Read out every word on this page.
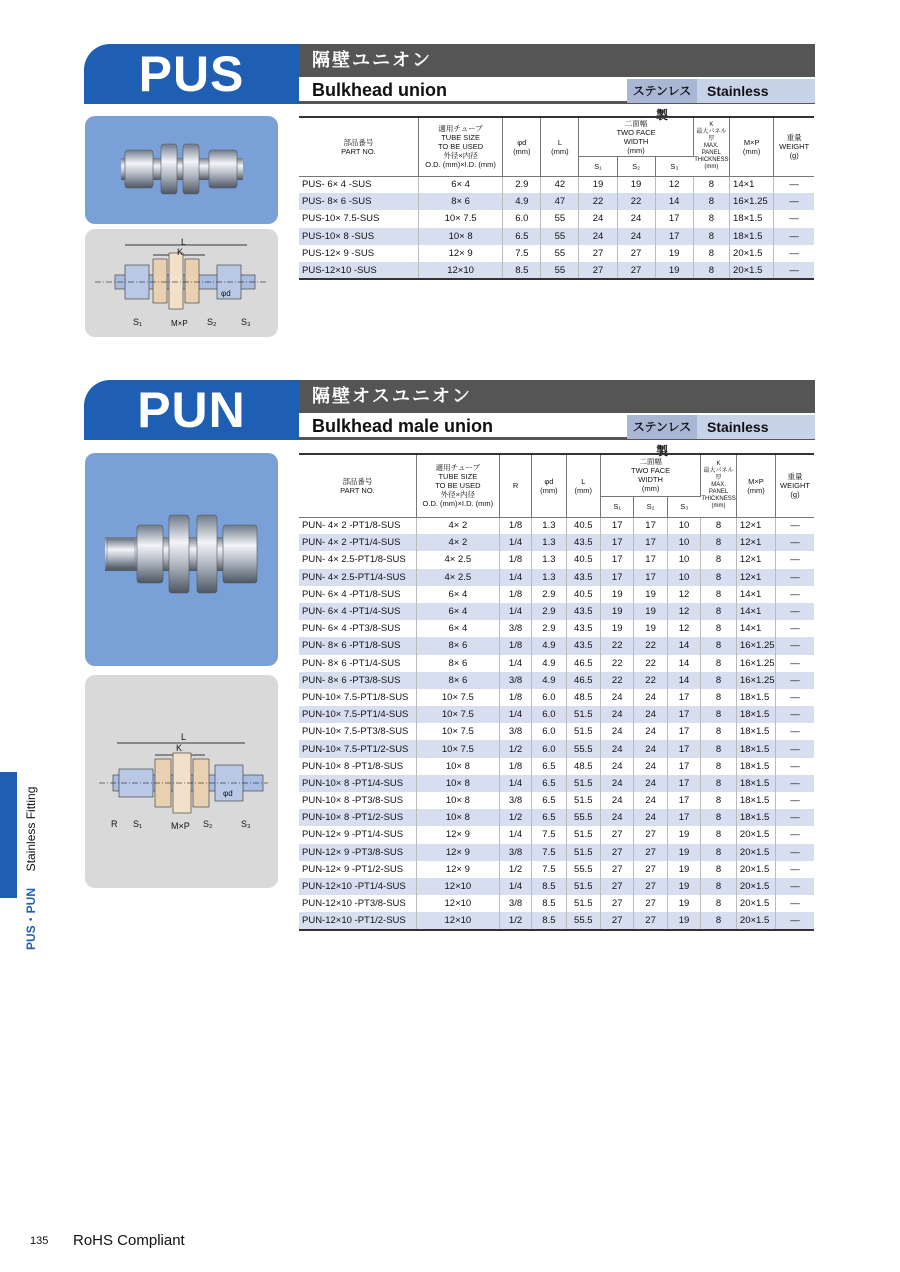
PUS	隔壁ユニオン
Bulkhead union	ステンレス製
Stainless
L
K
φd
S₁	M×P S₂	S₃
部品番号
PART NO.	適用チューブ
TUBE SIZE
TO BE USED
外径×内径
O.D. (mm)×I.D. (mm)	φd
(mm)	L
(mm)	二面幅
TWO FACE
WIDTH
(mm)			K
最大パネル厚
MAX. PANEL
THICKNESS
(mm)	M×P
(mm)	重量
WEIGHT
(g)
				S₁	S₂	S₃			
PUS- 6× 4 -SUS	6× 4	2.9	42	19	19	12	8	14×1	—
PUS- 8× 6 -SUS	8× 6	4.9	47	22	22	14	8	16×1.25	—
PUS-10× 7.5-SUS	10× 7.5	6.0	55	24	24	17	8	18×1.5	—
PUS-10× 8 -SUS	10× 8	6.5	55	24	24	17	8	18×1.5	—
PUS-12× 9 -SUS	12× 9	7.5	55	27	27	19	8	20×1.5	—
PUS-12×10 -SUS	12×10	8.5	55	27	27	19	8	20×1.5	—
PUN	隔壁オスユニオン
Bulkhead male union	ステンレス製
Stainless
L
K
φd
R S₁	M×P S₂	S₃
部品番号
PART NO.	適用チューブ
TUBE SIZE
TO BE USED
外径×内径
O.D. (mm)×I.D. (mm)	R	φd
(mm)	L
(mm)	二面幅
TWO FACE
WIDTH
(mm)			K
最大パネル厚
MAX. PANEL
THICKNESS
(mm)	M×P
(mm)	重量
WEIGHT
(g)
					S₁	S₂	S₃			
PUN- 4× 2 -PT1/8-SUS	4× 2	1/8	1.3	40.5	17	17	10	8	12×1	—
PUN- 4× 2 -PT1/4-SUS	4× 2	1/4	1.3	43.5	17	17	10	8	12×1	—
PUN- 4× 2.5-PT1/8-SUS	4× 2.5	1/8	1.3	40.5	17	17	10	8	12×1	—
PUN- 4× 2.5-PT1/4-SUS	4× 2.5	1/4	1.3	43.5	17	17	10	8	12×1	—
PUN- 6× 4 -PT1/8-SUS	6× 4	1/8	2.9	40.5	19	19	12	8	14×1	—
PUN- 6× 4 -PT1/4-SUS	6× 4	1/4	2.9	43.5	19	19	12	8	14×1	—
PUN- 6× 4 -PT3/8-SUS	6× 4	3/8	2.9	43.5	19	19	12	8	14×1	—
PUN- 8× 6 -PT1/8-SUS	8× 6	1/8	4.9	43.5	22	22	14	8	16×1.25	—
PUN- 8× 6 -PT1/4-SUS	8× 6	1/4	4.9	46.5	22	22	14	8	16×1.25	—
PUN- 8× 6 -PT3/8-SUS	8× 6	3/8	4.9	46.5	22	22	14	8	16×1.25	—
PUN-10× 7.5-PT1/8-SUS	10× 7.5	1/8	6.0	48.5	24	24	17	8	18×1.5	—
PUN-10× 7.5-PT1/4-SUS	10× 7.5	1/4	6.0	51.5	24	24	17	8	18×1.5	—
PUN-10× 7.5-PT3/8-SUS	10× 7.5	3/8	6.0	51.5	24	24	17	8	18×1.5	—
PUN-10× 7.5-PT1/2-SUS	10× 7.5	1/2	6.0	55.5	24	24	17	8	18×1.5	—
PUN-10× 8 -PT1/8-SUS	10× 8	1/8	6.5	48.5	24	24	17	8	18×1.5	—
PUN-10× 8 -PT1/4-SUS	10× 8	1/4	6.5	51.5	24	24	17	8	18×1.5	—
PUN-10× 8 -PT3/8-SUS	10× 8	3/8	6.5	51.5	24	24	17	8	18×1.5	—
PUN-10× 8 -PT1/2-SUS	10× 8	1/2	6.5	55.5	24	24	17	8	18×1.5	—
PUN-12× 9 -PT1/4-SUS	12× 9	1/4	7.5	51.5	27	27	19	8	20×1.5	—
PUN-12× 9 -PT3/8-SUS	12× 9	3/8	7.5	51.5	27	27	19	8	20×1.5	—
PUN-12× 9 -PT1/2-SUS	12× 9	1/2	7.5	55.5	27	27	19	8	20×1.5	—
PUN-12×10 -PT1/4-SUS	12×10	1/4	8.5	51.5	27	27	19	8	20×1.5	—
PUN-12×10 -PT3/8-SUS	12×10	3/8	8.5	51.5	27	27	19	8	20×1.5	—
PUN-12×10 -PT1/2-SUS	12×10	1/2	8.5	55.5	27	27	19	8	20×1.5	—
PUS・PUN     Stainless Fitting
135 RoHS Compliant
